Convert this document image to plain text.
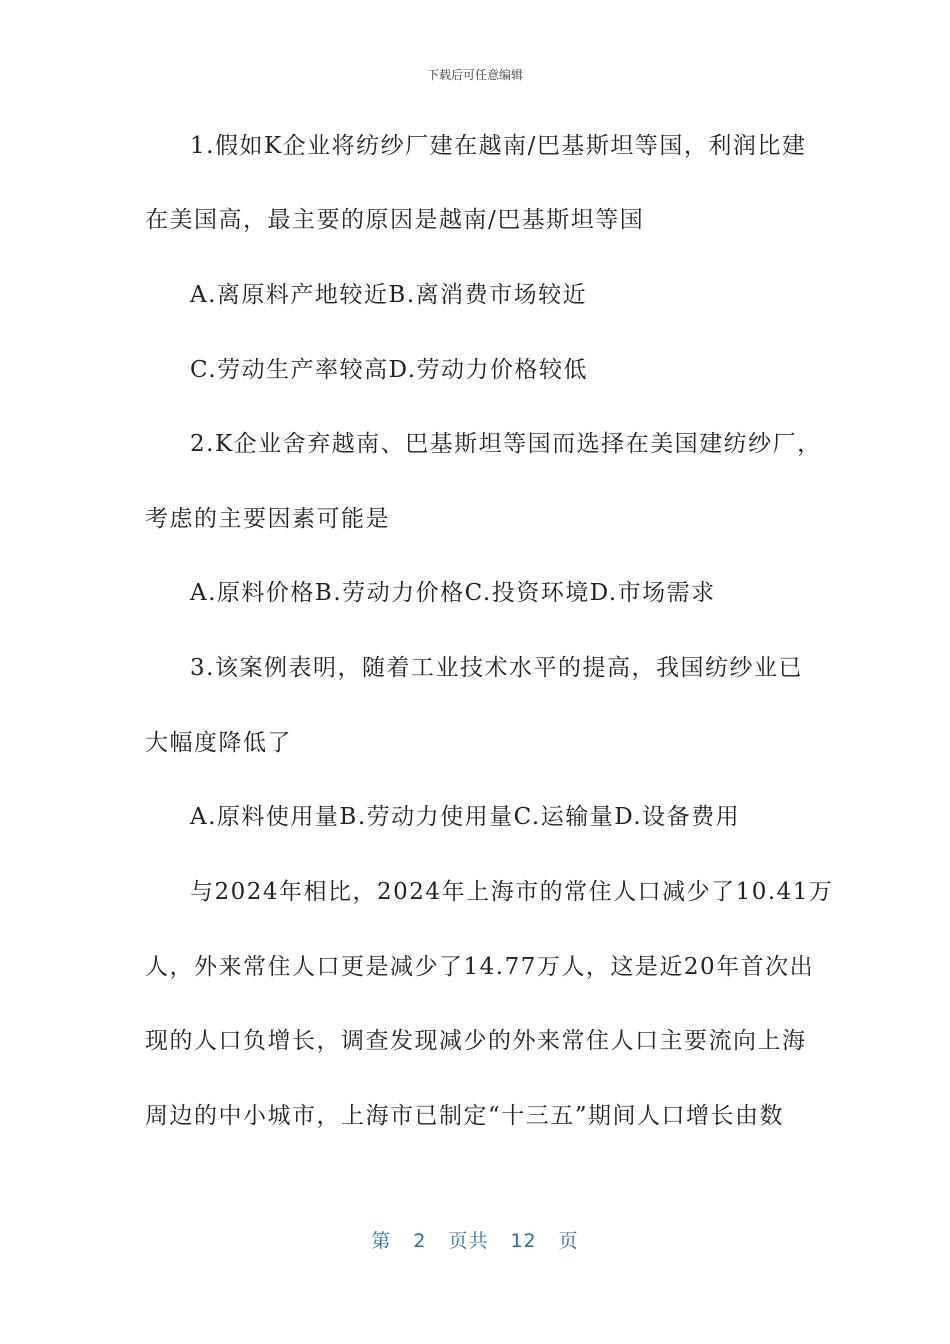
下载后可任意编辑
1.假如K企业将纺纱厂建在越南/巴基斯坦等国，利润比建
在美国高，最主要的原因是越南/巴基斯坦等国
A.离原料产地较近B.离消费市场较近
C.劳动生产率较高D.劳动力价格较低
2.K企业舍弃越南、巴基斯坦等国而选择在美国建纺纱厂，
考虑的主要因素可能是
A.原料价格B.劳动力价格C.投资环境D.市场需求
3.该案例表明，随着工业技术水平的提高，我国纺纱业已
大幅度降低了
A.原料使用量B.劳动力使用量C.运输量D.设备费用
与2024年相比，2024年上海市的常住人口减少了10.41万
人，外来常住人口更是减少了14.77万人，这是近20年首次出
现的人口负增长，调查发现减少的外来常住人口主要流向上海
周边的中小城市，上海市已制定“十三五”期间人口增长由数
第 2 页共 12 页
